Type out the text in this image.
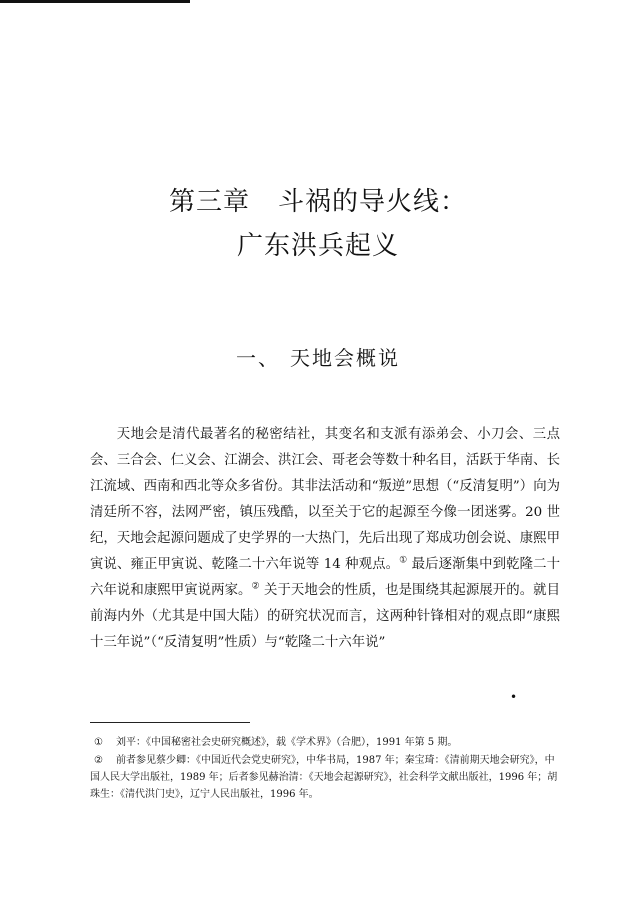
第三章 斗祸的导火线：
广东洪兵起义
一、 天地会概说

天地会是清代最著名的秘密结社，其变名和支派有添弟会、小刀会、三点会、三合会、仁义会、江湖会、洪江会、哥老会等数十种名目，活跃于华南、长江流域、西南和西北等众多省份。其非法活动和“叛逆”思想（“反清复明”）向为清廷所不容，法网严密，镇压残酷，以至关于它的起源至今像一团迷雾。20 世纪，天地会起源问题成了史学界的一大热门，先后出现了郑成功创会说、康熙甲寅说、雍正甲寅说、乾隆二十六年说等 14 种观点。① 最后逐渐集中到乾隆二十六年说和康熙甲寅说两家。② 关于天地会的性质，也是围绕其起源展开的。就目前海内外（尤其是中国大陆）的研究状况而言，这两种针锋相对的观点即“康熙十三年说”（“反清复明”性质）与“乾隆二十六年说”

•
① 刘平：《中国秘密社会史研究概述》，载《学术界》（合肥），1991 年第 5 期。
② 前者参见蔡少卿：《中国近代会党史研究》，中华书局，1987 年；秦宝琦：《清前期天地会研究》，中国人民大学出版社，1989 年；后者参见赫治清：《天地会起源研究》，社会科学文献出版社，1996 年；胡珠生：《清代洪门史》，辽宁人民出版社，1996 年。
